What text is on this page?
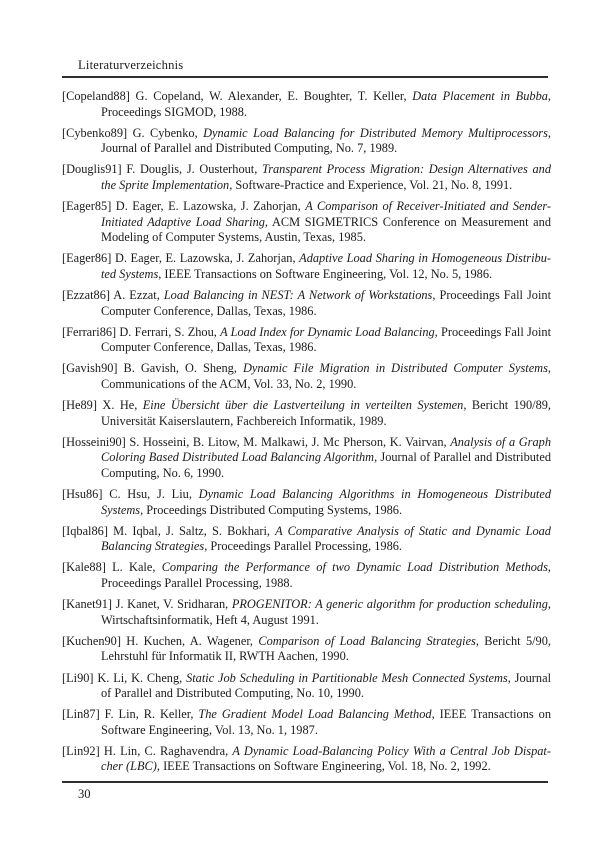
Literaturverzeichnis

[Copeland88] G. Copeland, W. Alexander, E. Boughter, T. Keller, Data Placement in Bubba, Proceedings SIGMOD, 1988.

[Cybenko89] G. Cybenko, Dynamic Load Balancing for Distributed Memory Multiprocessors, Journal of Parallel and Distributed Computing, No. 7, 1989.

[Douglis91] F. Douglis, J. Ousterhout, Transparent Process Migration: Design Alternatives and the Sprite Implementation, Software-Practice and Experience, Vol. 21, No. 8, 1991.

[Eager85] D. Eager, E. Lazowska, J. Zahorjan, A Comparison of Receiver-Initiated and Sender-Initiated Adaptive Load Sharing, ACM SIGMETRICS Conference on Measurement and Modeling of Computer Systems, Austin, Texas, 1985.

[Eager86] D. Eager, E. Lazowska, J. Zahorjan, Adaptive Load Sharing in Homogeneous Distributed Systems, IEEE Transactions on Software Engineering, Vol. 12, No. 5, 1986.

[Ezzat86] A. Ezzat, Load Balancing in NEST: A Network of Workstations, Proceedings Fall Joint Computer Conference, Dallas, Texas, 1986.

[Ferrari86] D. Ferrari, S. Zhou, A Load Index for Dynamic Load Balancing, Proceedings Fall Joint Computer Conference, Dallas, Texas, 1986.

[Gavish90] B. Gavish, O. Sheng, Dynamic File Migration in Distributed Computer Systems, Communications of the ACM, Vol. 33, No. 2, 1990.

[He89] X. He, Eine Übersicht über die Lastverteilung in verteilten Systemen, Bericht 190/89, Universität Kaiserslautern, Fachbereich Informatik, 1989.

[Hosseini90] S. Hosseini, B. Litow, M. Malkawi, J. Mc Pherson, K. Vairvan, Analysis of a Graph Coloring Based Distributed Load Balancing Algorithm, Journal of Parallel and Distributed Computing, No. 6, 1990.

[Hsu86] C. Hsu, J. Liu, Dynamic Load Balancing Algorithms in Homogeneous Distributed Systems, Proceedings Distributed Computing Systems, 1986.

[Iqbal86] M. Iqbal, J. Saltz, S. Bokhari, A Comparative Analysis of Static and Dynamic Load Balancing Strategies, Proceedings Parallel Processing, 1986.

[Kale88] L. Kale, Comparing the Performance of two Dynamic Load Distribution Methods, Proceedings Parallel Processing, 1988.

[Kanet91] J. Kanet, V. Sridharan, PROGENITOR: A generic algorithm for production scheduling, Wirtschaftsinformatik, Heft 4, August 1991.

[Kuchen90] H. Kuchen, A. Wagener, Comparison of Load Balancing Strategies, Bericht 5/90, Lehrstuhl für Informatik II, RWTH Aachen, 1990.

[Li90] K. Li, K. Cheng, Static Job Scheduling in Partitionable Mesh Connected Systems, Journal of Parallel and Distributed Computing, No. 10, 1990.

[Lin87] F. Lin, R. Keller, The Gradient Model Load Balancing Method, IEEE Transactions on Software Engineering, Vol. 13, No. 1, 1987.

[Lin92] H. Lin, C. Raghavendra, A Dynamic Load-Balancing Policy With a Central Job Dispatcher (LBC), IEEE Transactions on Software Engineering, Vol. 18, No. 2, 1992.

30
